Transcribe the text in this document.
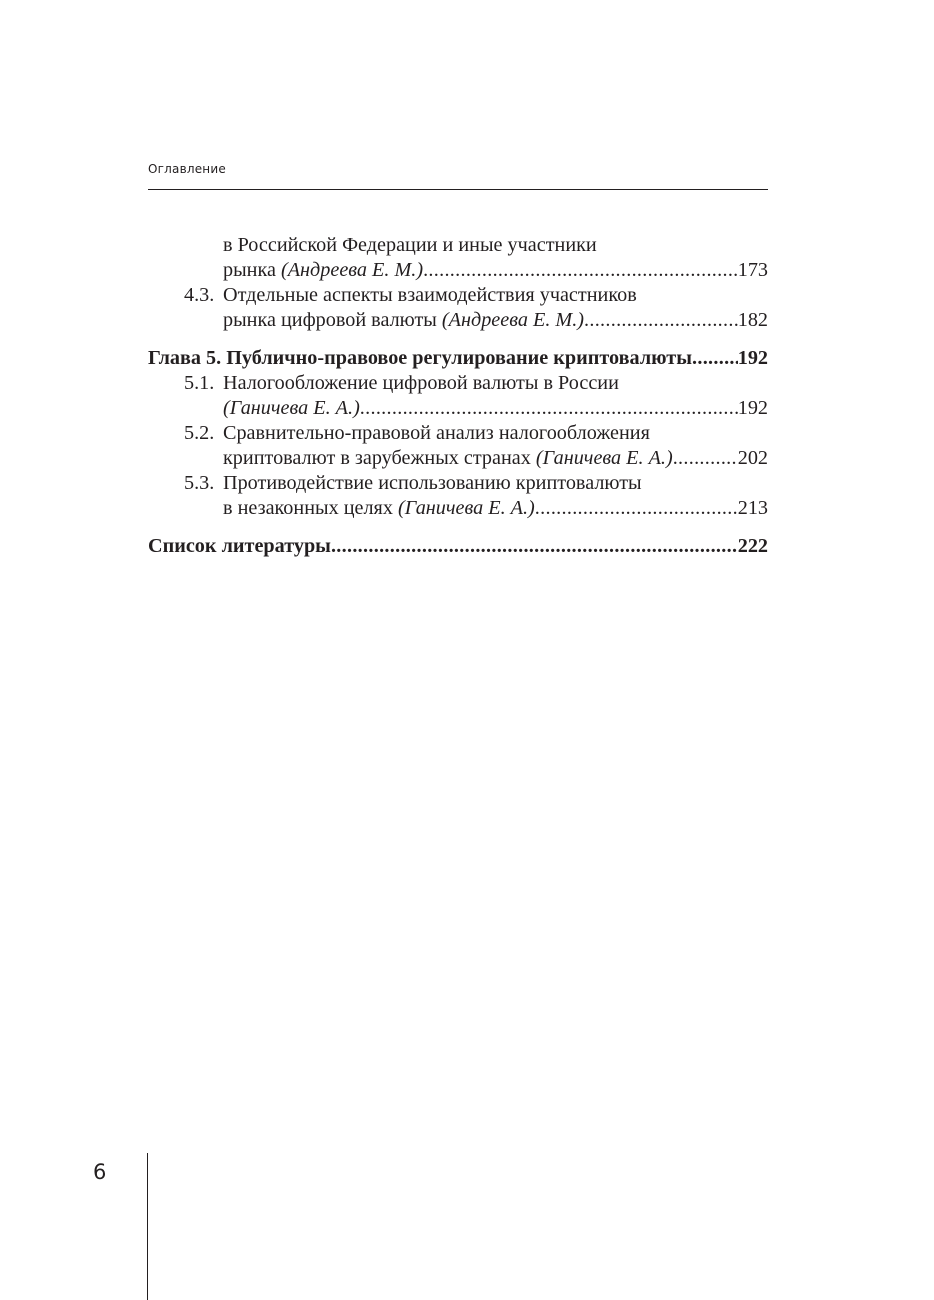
Оглавление
в Российской Федерации и иные участники
рынка (Андреева Е. М.) .....	173
4.3. Отдельные аспекты взаимодействия участников
рынка цифровой валюты (Андреева Е. М.) .....	182
Глава 5. Публично-правовое регулирование криптовалюты ..... 192
5.1. Налогообложение цифровой валюты в России
(Ганичева Е. А.) .....	192
5.2. Сравнительно-правовой анализ налогообложения
криптовалют в зарубежных странах (Ганичева Е. А.) .....	202
5.3. Противодействие использованию криптовалюты
в незаконных целях (Ганичева Е. А.) .....	213
Список литературы .....	222
6
